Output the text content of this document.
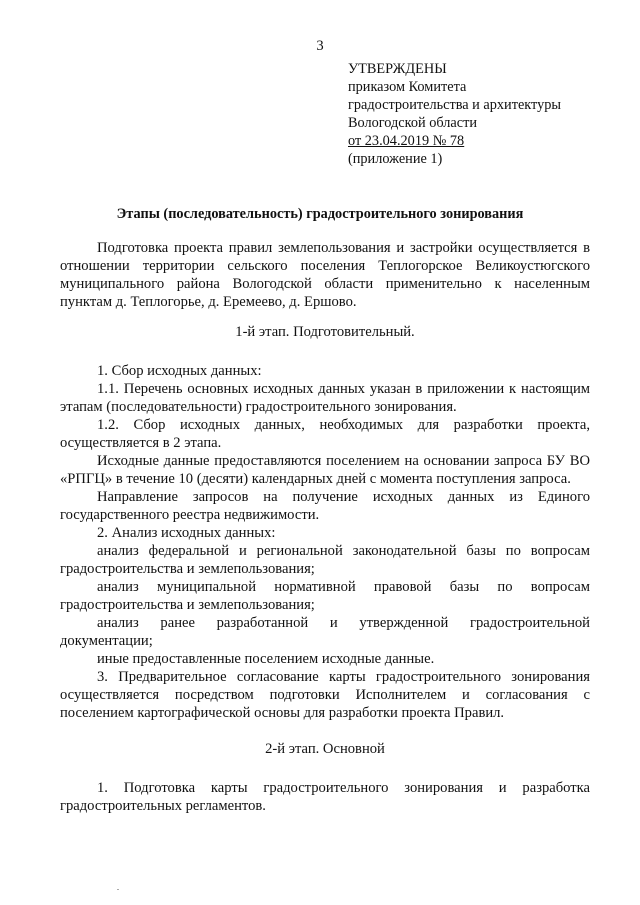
3
УТВЕРЖДЕНЫ
приказом Комитета
градостроительства и архитектуры
Вологодской области
от 23.04.2019 № 78
(приложение 1)
Этапы (последовательность) градостроительного зонирования

Подготовка проекта правил землепользования и застройки осуществляется в отношении территории сельского поселения Теплогорское Великоустюгского муниципального района Вологодской области применительно к населенным пунктам д. Теплогорье, д. Еремеево, д. Ершово.

1-й этап. Подготовительный.

1. Сбор исходных данных:

1.1. Перечень основных исходных данных указан в приложении к настоящим этапам (последовательности) градостроительного зонирования.

1.2. Сбор исходных данных, необходимых для разработки проекта, осуществляется в 2 этапа.

Исходные данные предоставляются поселением на основании запроса БУ ВО «РПГЦ» в течение 10 (десяти) календарных дней с момента поступления запроса.

Направление запросов на получение исходных данных из Единого государственного реестра недвижимости.

2. Анализ исходных данных:

анализ федеральной и региональной законодательной базы по вопросам градостроительства и землепользования;

анализ муниципальной нормативной правовой базы по вопросам градостроительства и землепользования;

анализ ранее разработанной и утвержденной градостроительной документации;

иные предоставленные поселением исходные данные.

3. Предварительное согласование карты градостроительного зонирования осуществляется посредством подготовки Исполнителем и согласования с поселением картографической основы для разработки проекта Правил.

2-й этап. Основной

1. Подготовка карты градостроительного зонирования и разработка градостроительных регламентов.
